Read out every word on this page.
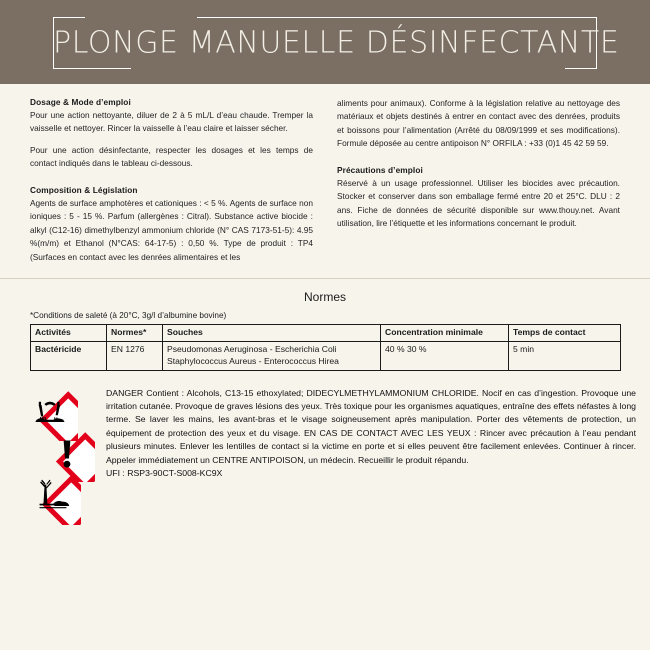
PLONGE MANUELLE DÉSINFECTANTE
Dosage & Mode d’emploi

Pour une action nettoyante, diluer de 2 à 5 mL/L d’eau chaude. Tremper la vaisselle et nettoyer. Rincer la vaisselle à l’eau claire et laisser sécher.

Pour une action désinfectante, respecter les dosages et les temps de contact indiqués dans le tableau ci-dessous.

Composition & Législation

Agents de surface amphotères et cationiques : < 5 %. Agents de surface non ioniques : 5 - 15 %. Parfum (allergènes : Citral). Substance active biocide : alkyl (C12-16) dimethylbenzyl ammonium chloride (N° CAS 7173-51-5): 4.95 %(m/m) et Ethanol (N°CAS: 64-17-5) : 0,50 %. Type de produit : TP4 (Surfaces en contact avec les denrées alimentaires et les

aliments pour animaux). Conforme à la législation relative au nettoyage des matériaux et objets destinés à entrer en contact avec des denrées, produits et boissons pour l’alimentation (Arrêté du 08/09/1999 et ses modifications). Formule déposée au centre antipoison N° ORFILA : +33 (0)1 45 42 59 59.

Précautions d’emploi

Réservé à un usage professionnel. Utiliser les biocides avec précaution. Stocker et conserver dans son emballage fermé entre 20 et 25°C. DLU : 2 ans. Fiche de données de sécurité disponible sur www.thouy.net. Avant utilisation, lire l’étiquette et les informations concernant le produit.

Normes
*Conditions de saleté (à 20°C, 3g/l d’albumine bovine)
Activités	Normes*	Souches	Concentration minimale	Temps de contact
Bactéricide	EN 1276	Pseudomonas Aeruginosa - Escherichia Coli Staphylococcus Aureus - Enterococcus Hirea	40 % 30 %	5 min
DANGER Contient : Alcohols, C13-15 ethoxylated; DIDECYLMETHYLAMMONIUM CHLORIDE. Nocif en cas d’ingestion. Provoque une irritation cutanée. Provoque de graves lésions des yeux. Très toxique pour les organismes aquatiques, entraîne des effets néfastes à long terme. Se laver les mains, les avant-bras et le visage soigneusement après manipulation. Porter des vêtements de protection, un équipement de protection des yeux et du visage. EN CAS DE CONTACT AVEC LES YEUX : Rincer avec précaution à l’eau pendant plusieurs minutes. Enlever les lentilles de contact si la victime en porte et si elles peuvent être facilement enlevées. Continuer à rincer. Appeler immédiatement un CENTRE ANTIPOISON, un médecin. Recueillir le produit répandu.
UFI : RSP3-90CT-S008-KC9X
